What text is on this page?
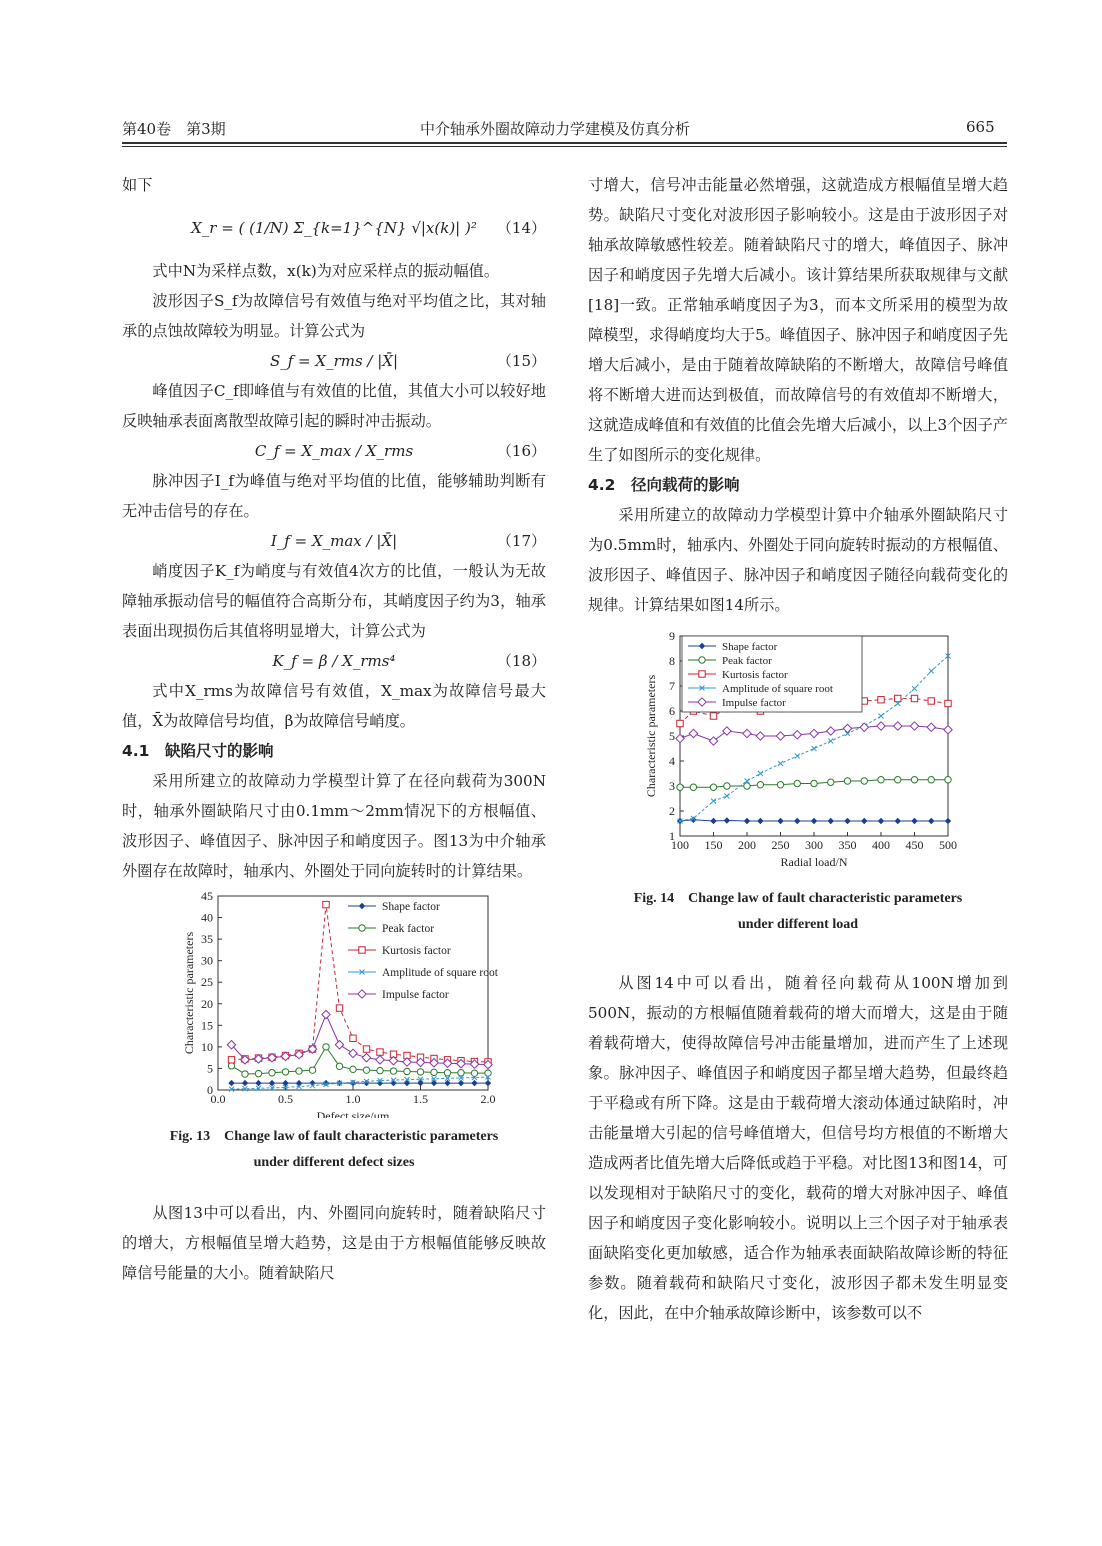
第40卷　第3期	中介轴承外圈故障动力学建模及仿真分析	665

如下

X_r = ( (1/N) Σ_{k=1}^{N} √|x(k)| )² （14）

式中N为采样点数，x(k)为对应采样点的振动幅值。

波形因子S_f为故障信号有效值与绝对平均值之比，其对轴承的点蚀故障较为明显。计算公式为

S_f = X_rms / |X̄|	（15）

峰值因子C_f即峰值与有效值的比值，其值大小可以较好地反映轴承表面离散型故障引起的瞬时冲击振动。

C_f = X_max / X_rms	（16）

脉冲因子I_f为峰值与绝对平均值的比值，能够辅助判断有无冲击信号的存在。

I_f = X_max / |X̄|	（17）

峭度因子K_f为峭度与有效值4次方的比值，一般认为无故障轴承振动信号的幅值符合高斯分布，其峭度因子约为3，轴承表面出现损伤后其值将明显增大，计算公式为

K_f = β / X_rms⁴	（18）

式中X_rms为故障信号有效值，X_max为故障信号最大值，X̄为故障信号均值，β为故障信号峭度。

4.1　缺陷尺寸的影响

采用所建立的故障动力学模型计算了在径向载荷为300N时，轴承外圈缺陷尺寸由0.1mm～2mm情况下的方根幅值、波形因子、峰值因子、脉冲因子和峭度因子。图13为中介轴承外圈存在故障时，轴承内、外圈处于同向旋转时的计算结果。

0.0	0.5	1.0	1.5	2.0
0
5
10
15
20
25
30
35
40
45
Defect size/μm
Characteristic parameters
Shape factor
Peak factor
Kurtosis factor
Amplitude of square root
Impulse factor
Fig. 13　Change law of fault characteristic parameters
under different defect sizes

从图13中可以看出，内、外圈同向旋转时，随着缺陷尺寸的增大，方根幅值呈增大趋势，这是由于方根幅值能够反映故障信号能量的大小。随着缺陷尺

寸增大，信号冲击能量必然增强，这就造成方根幅值呈增大趋势。缺陷尺寸变化对波形因子影响较小。这是由于波形因子对轴承故障敏感性较差。随着缺陷尺寸的增大，峰值因子、脉冲因子和峭度因子先增大后减小。该计算结果所获取规律与文献[18]一致。正常轴承峭度因子为3，而本文所采用的模型为故障模型，求得峭度均大于5。峰值因子、脉冲因子和峭度因子先增大后减小，是由于随着故障缺陷的不断增大，故障信号峰值将不断增大进而达到极值，而故障信号的有效值却不断增大，这就造成峰值和有效值的比值会先增大后减小，以上3个因子产生了如图所示的变化规律。

4.2　径向载荷的影响

采用所建立的故障动力学模型计算中介轴承外圈缺陷尺寸为0.5mm时，轴承内、外圈处于同向旋转时振动的方根幅值、波形因子、峰值因子、脉冲因子和峭度因子随径向载荷变化的规律。计算结果如图14所示。

100 150 200 250 300 350 400 450 500
1
2
3
4
5
6
7
8
9
Radial load/N
Characteristic parameters
Shape factor
Peak factor
Kurtosis factor
Amplitude of square root
Impulse factor
Fig. 14　Change law of fault characteristic parameters
under different load

从图14中可以看出，随着径向载荷从100N增加到500N，振动的方根幅值随着载荷的增大而增大，这是由于随着载荷增大，使得故障信号冲击能量增加，进而产生了上述现象。脉冲因子、峰值因子和峭度因子都呈增大趋势，但最终趋于平稳或有所下降。这是由于载荷增大滚动体通过缺陷时，冲击能量增大引起的信号峰值增大，但信号均方根值的不断增大造成两者比值先增大后降低或趋于平稳。对比图13和图14，可以发现相对于缺陷尺寸的变化，载荷的增大对脉冲因子、峰值因子和峭度因子变化影响较小。说明以上三个因子对于轴承表面缺陷变化更加敏感，适合作为轴承表面缺陷故障诊断的特征参数。随着载荷和缺陷尺寸变化，波形因子都未发生明显变化，因此，在中介轴承故障诊断中，该参数可以不
